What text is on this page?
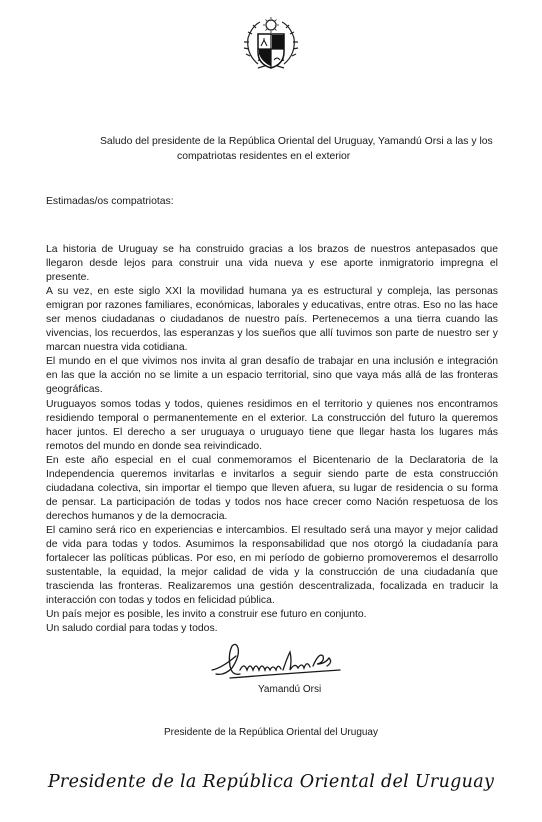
Saludo del presidente de la República Oriental del Uruguay, Yamandú Orsi a las y los
compatriotas residentes en el exterior
Estimadas/os compatriotas:

La historia de Uruguay se ha construido gracias a los brazos de nuestros antepasados que llegaron desde lejos para construir una vida nueva y ese aporte inmigratorio impregna el presente.

A su vez, en este siglo XXI la movilidad humana ya es estructural y compleja, las personas emigran por razones familiares, económicas, laborales y educativas, entre otras. Eso no las hace ser menos ciudadanas o ciudadanos de nuestro país. Pertenecemos a una tierra cuando las vivencias, los recuerdos, las esperanzas y los sueños que allí tuvimos son parte de nuestro ser y marcan nuestra vida cotidiana.

El mundo en el que vivimos nos invita al gran desafío de trabajar en una inclusión e integración en las que la acción no se limite a un espacio territorial, sino que vaya más allá de las fronteras geográficas.

Uruguayos somos todas y todos, quienes residimos en el territorio y quienes nos encontramos residiendo temporal o permanentemente en el exterior. La construcción del futuro la queremos hacer juntos. El derecho a ser uruguaya o uruguayo tiene que llegar hasta los lugares más remotos del mundo en donde sea reivindicado.

En este año especial en el cual conmemoramos el Bicentenario de la Declaratoria de la Independencia queremos invitarlas e invitarlos a seguir siendo parte de esta construcción ciudadana colectiva, sin importar el tiempo que lleven afuera, su lugar de residencia o su forma de pensar. La participación de todas y todos nos hace crecer como Nación respetuosa de los derechos humanos y de la democracia.

El camino será rico en experiencias e intercambios. El resultado será una mayor y mejor calidad de vida para todas y todos. Asumimos la responsabilidad que nos otorgó la ciudadanía para fortalecer las políticas públicas. Por eso, en mi período de gobierno promoveremos el desarrollo sustentable, la equidad, la mejor calidad de vida y la construcción de una ciudadanía que trascienda las fronteras. Realizaremos una gestión descentralizada, focalizada en traducir la interacción con todas y todos en felicidad pública.

Un país mejor es posible, les invito a construir ese futuro en conjunto.

Un saludo cordial para todas y todos.

Yamandú Orsi
Presidente de la República Oriental del Uruguay
Presidente de la República Oriental del Uruguay
